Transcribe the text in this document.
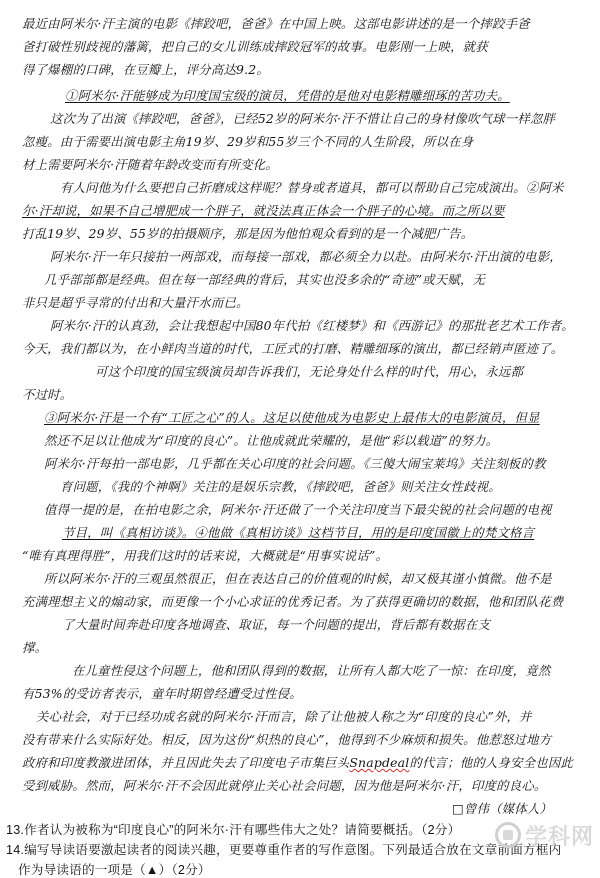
最近由阿米尔·汗主演的电影《摔跤吧，爸爸》在中国上映。这部电影讲述的是一个摔跤手爸
爸打破性别歧视的藩篱，把自己的女儿训练成摔跤冠军的故事。电影刚一上映，就获
得了爆棚的口碑，在豆瓣上，评分高达9.2。
①阿米尔·汗能够成为印度国宝级的演员，凭借的是他对电影精雕细琢的苦功夫。
这次为了出演《摔跤吧，爸爸》，已经52岁的阿米尔·汗不惜让自己的身材像吹气球一样忽胖
忽瘦。由于需要出演电影主角19岁、29岁和55岁三个不同的人生阶段，所以在身
材上需要阿米尔·汗随着年龄改变而有所变化。
有人问他为什么要把自己折磨成这样呢？替身或者道具，都可以帮助自己完成演出。②阿米
尔·汗却说，如果不自己增肥成一个胖子，就没法真正体会一个胖子的心境。而之所以要
打乱19岁、29岁、55岁的拍摄顺序，那是因为他怕观众看到的是一个减肥广告。
阿米尔·汗一年只接拍一两部戏，而每接一部戏，都必须全力以赴。由阿米尔·汗出演的电影，
几乎部部都是经典。但在每一部经典的背后，其实也没多余的“奇迹”或天赋，无
非只是超乎寻常的付出和大量汗水而已。
阿米尔·汗的认真劲，会让我想起中国80年代拍《红楼梦》和《西游记》的那批老艺术工作者。
今天，我们都以为，在小鲜肉当道的时代，工匠式的打磨、精雕细琢的演出，都已经销声匿迹了。
可这个印度的国宝级演员却告诉我们，无论身处什么样的时代，用心，永远都
不过时。
③阿米尔·汗是一个有“工匠之心”的人。这足以使他成为电影史上最伟大的电影演员，但显
然还不足以让他成为“印度的良心”。让他成就此荣耀的，是他“彩以载道”的努力。
阿米尔·汗每拍一部电影，几乎都在关心印度的社会问题。《三傻大闹宝莱坞》关注刻板的教
育问题，《我的个神啊》关注的是娱乐宗教，《摔跤吧，爸爸》则关注女性歧视。
值得一提的是，在拍电影之余，阿米尔·汗还做了一个关注印度当下最尖锐的社会问题的电视
节目，叫《真相访谈》。④他做《真相访谈》这档节目，用的是印度国徽上的梵文格言
“唯有真理得胜”，用我们这时的话来说，大概就是“用事实说话”。
所以阿米尔·汗的三观虽然很正，但在表达自己的价值观的时候，却又极其谨小慎微。他不是
充满理想主义的煽动家，而更像一个小心求证的优秀记者。为了获得更确切的数据，他和团队花费
了大量时间奔赴印度各地调查、取证，每一个问题的提出，背后都有数据在支
撑。
在儿童性侵这个问题上，他和团队得到的数据，让所有人都大吃了一惊：在印度，竟然
有53%的受访者表示，童年时期曾经遭受过性侵。
关心社会，对于已经功成名就的阿米尔·汗而言，除了让他被人称之为“印度的良心”外，并
没有带来什么实际好处。相反，因为这份“炽热的良心”，他得到不少麻烦和损失。他惹怒过地方
政府和印度教激进团体，并且因此失去了印度电子市集巨头Snapdeal的代言；他的人身安全也因此
受到威胁。然而，阿米尔·汗不会因此就停止关心社会问题，因为他是阿米尔·汗，印度的良心。
□曾伟（媒体人）
13.作者认为被称为“印度良心”的阿米尔·汗有哪些伟大之处？请简要概括。（2分）
14.编写导读语要激起读者的阅读兴趣，更要尊重作者的写作意图。下列最适合放在文章前面方框内
作为导读语的一项是（▲）（2分）
学科网
